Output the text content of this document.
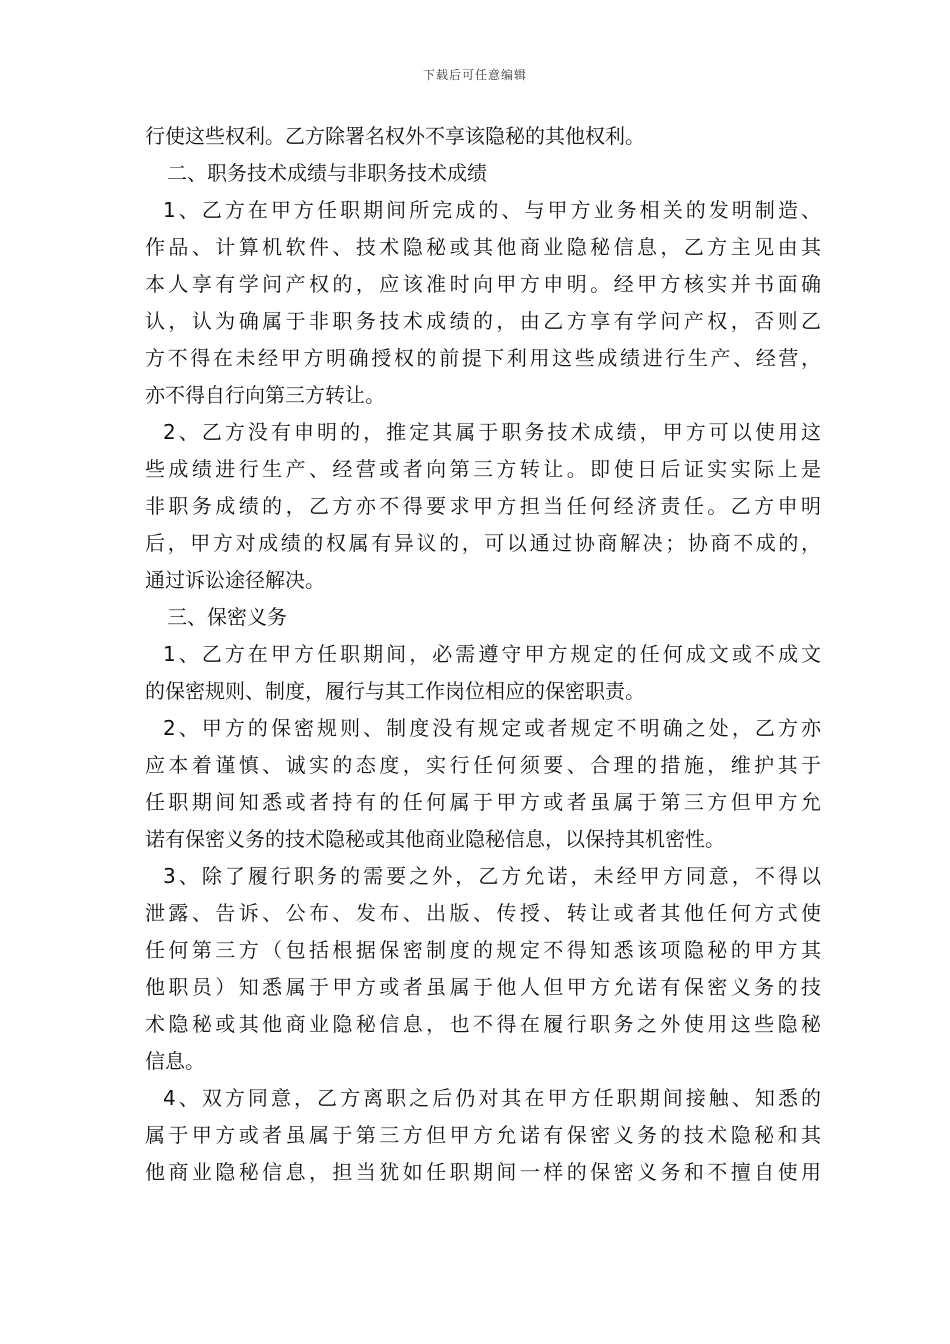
下载后可任意编辑
行使这些权利。乙方除署名权外不享该隐秘的其他权利。
二、职务技术成绩与非职务技术成绩
1、乙方在甲方任职期间所完成的、与甲方业务相关的发明制造、
作品、计算机软件、技术隐秘或其他商业隐秘信息，乙方主见由其
本人享有学问产权的，应该准时向甲方申明。经甲方核实并书面确
认，认为确属于非职务技术成绩的，由乙方享有学问产权，否则乙
方不得在未经甲方明确授权的前提下利用这些成绩进行生产、经营，
亦不得自行向第三方转让。
2、乙方没有申明的，推定其属于职务技术成绩，甲方可以使用这
些成绩进行生产、经营或者向第三方转让。即使日后证实实际上是
非职务成绩的，乙方亦不得要求甲方担当任何经济责任。乙方申明
后，甲方对成绩的权属有异议的，可以通过协商解决；协商不成的，
通过诉讼途径解决。
三、保密义务
1、乙方在甲方任职期间，必需遵守甲方规定的任何成文或不成文
的保密规则、制度，履行与其工作岗位相应的保密职责。
2、甲方的保密规则、制度没有规定或者规定不明确之处，乙方亦
应本着谨慎、诚实的态度，实行任何须要、合理的措施，维护其于
任职期间知悉或者持有的任何属于甲方或者虽属于第三方但甲方允
诺有保密义务的技术隐秘或其他商业隐秘信息，以保持其机密性。
3、除了履行职务的需要之外，乙方允诺，未经甲方同意，不得以
泄露、告诉、公布、发布、出版、传授、转让或者其他任何方式使
任何第三方（包括根据保密制度的规定不得知悉该项隐秘的甲方其
他职员）知悉属于甲方或者虽属于他人但甲方允诺有保密义务的技
术隐秘或其他商业隐秘信息，也不得在履行职务之外使用这些隐秘
信息。
4、双方同意，乙方离职之后仍对其在甲方任职期间接触、知悉的
属于甲方或者虽属于第三方但甲方允诺有保密义务的技术隐秘和其
他商业隐秘信息，担当犹如任职期间一样的保密义务和不擅自使用
